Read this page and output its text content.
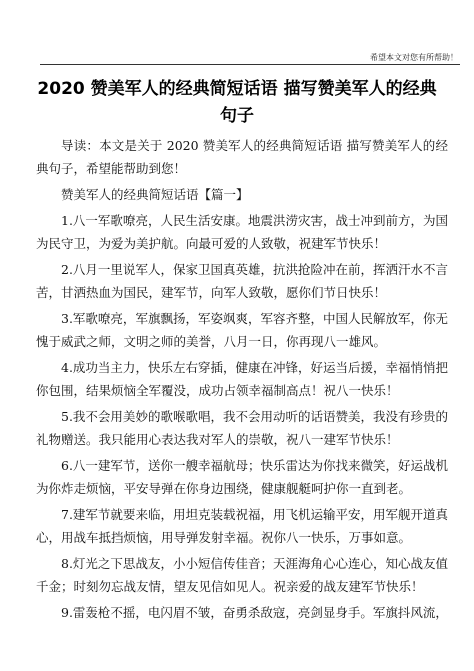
希望本文对您有所帮助！
2020 赞美军人的经典简短话语 描写赞美军人的经典句子

导读：本文是关于 2020 赞美军人的经典简短话语 描写赞美军人的经典句子，希望能帮助到您！

赞美军人的经典简短话语【篇一】

1.八一军歌嘹亮，人民生活安康。地震洪涝灾害，战士冲到前方，为国为民守卫，为爱为美护航。向最可爱的人致敬，祝建军节快乐！

2.八月一里说军人，保家卫国真英雄，抗洪抢险冲在前，挥洒汗水不言苦，甘洒热血为国民，建军节，向军人致敬，愿你们节日快乐！

3.军歌嘹亮，军旗飘扬，军姿飒爽，军容齐整，中国人民解放军，你无愧于威武之师，文明之师的美誉，八月一日，你再现八一雄风。

4.成功当主力，快乐左右穿插，健康在冲锋，好运当后援，幸福悄悄把你包围，结果烦恼全军覆没，成功占领幸福制高点！祝八一快乐！

5.我不会用美妙的歌喉歌唱，我不会用动听的话语赞美，我没有珍贵的礼物赠送。我只能用心表达我对军人的崇敬，祝八一建军节快乐！

6.八一建军节，送你一艘幸福航母；快乐雷达为你找来微笑，好运战机为你炸走烦恼，平安导弹在你身边围绕，健康舰艇呵护你一直到老。

7.建军节就要来临，用坦克装载祝福，用飞机运输平安，用军舰开道真心，用战车抵挡烦恼，用导弹发射幸福。祝你八一快乐，万事如意。

8.灯光之下思战友，小小短信传佳音；天涯海角心心连心，知心战友值千金；时刻勿忘战友情，望友见信如见人。祝亲爱的战友建军节快乐！

9.雷轰枪不摇，电闪眉不皱，奋勇杀敌寇，亮剑显身手。军旗抖风流，
